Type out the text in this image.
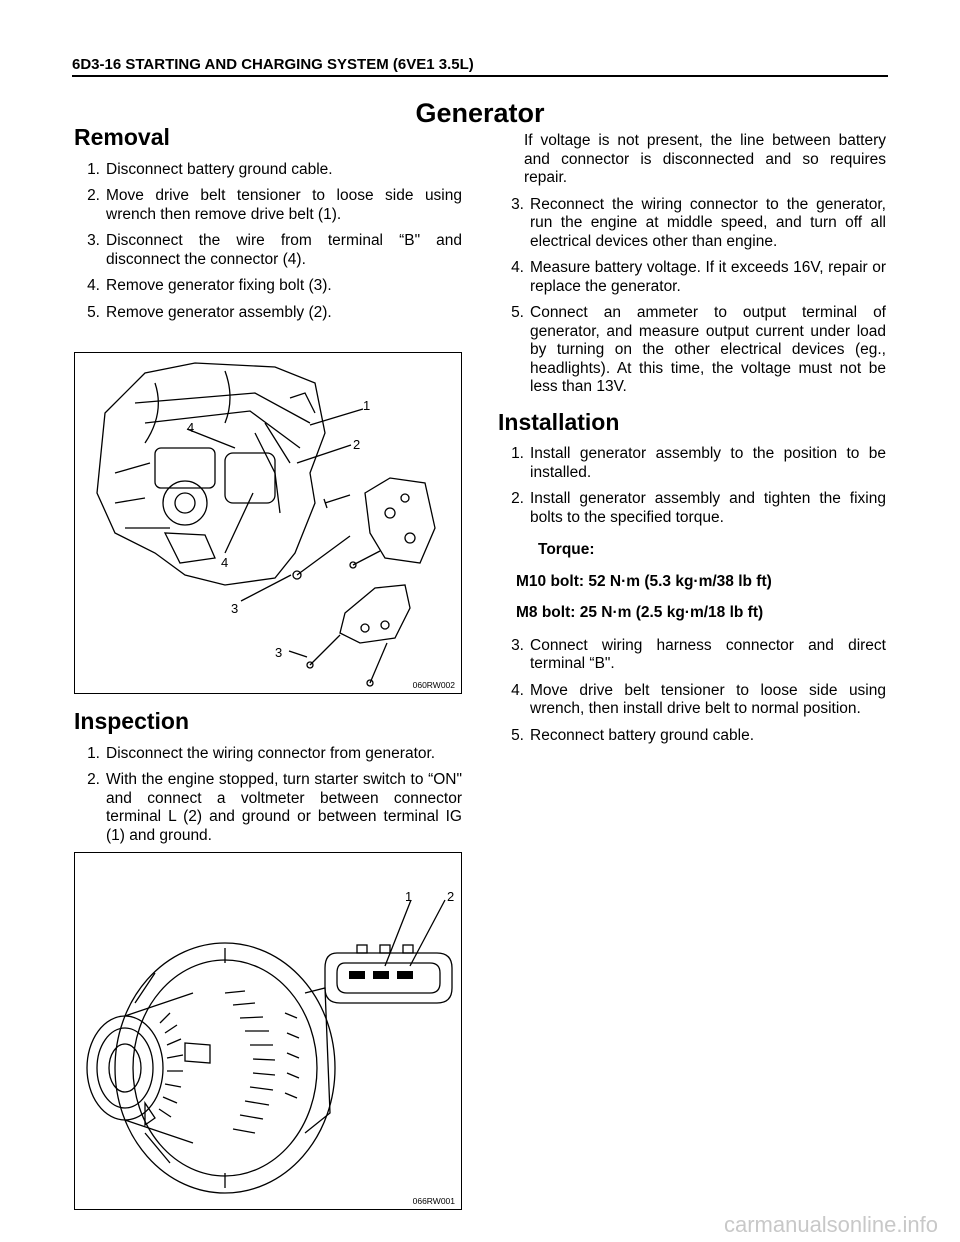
6D3-16 STARTING AND CHARGING SYSTEM (6VE1 3.5L)
Generator
Removal
1. Disconnect battery ground cable.
2. Move drive belt tensioner to loose side using wrench then remove drive belt (1).
3. Disconnect the wire from terminal “B" and disconnect the connector (4).
4. Remove generator fixing bolt (3).
5. Remove generator assembly (2).
1
4
2
4
3
3
060RW002
Inspection
1. Disconnect the wiring connector from generator.
2. With the engine stopped, turn starter switch to “ON" and connect a voltmeter between connector terminal L (2) and ground or between terminal IG (1) and ground.
1	2
066RW001
If voltage is not present, the line between battery and connector is disconnected and so requires repair.
3. Reconnect the wiring connector to the generator, run the engine at middle speed, and turn off all electrical devices other than engine.
4. Measure battery voltage. If it exceeds 16V, repair or replace the generator.
5. Connect an ammeter to output terminal of generator, and measure output current under load by turning on the other electrical devices (eg., headlights). At this time, the voltage must not be less than 13V.
Installation
1. Install generator assembly to the position to be installed.
2. Install generator assembly and tighten the fixing bolts to the specified torque.
Torque:
M10 bolt: 52 N·m (5.3 kg·m/38 lb ft)
M8 bolt: 25 N·m (2.5 kg·m/18 lb ft)
3. Connect wiring harness connector and direct terminal “B".
4. Move drive belt tensioner to loose side using wrench, then install drive belt to normal position.
5. Reconnect battery ground cable.
carmanualsonline.info
